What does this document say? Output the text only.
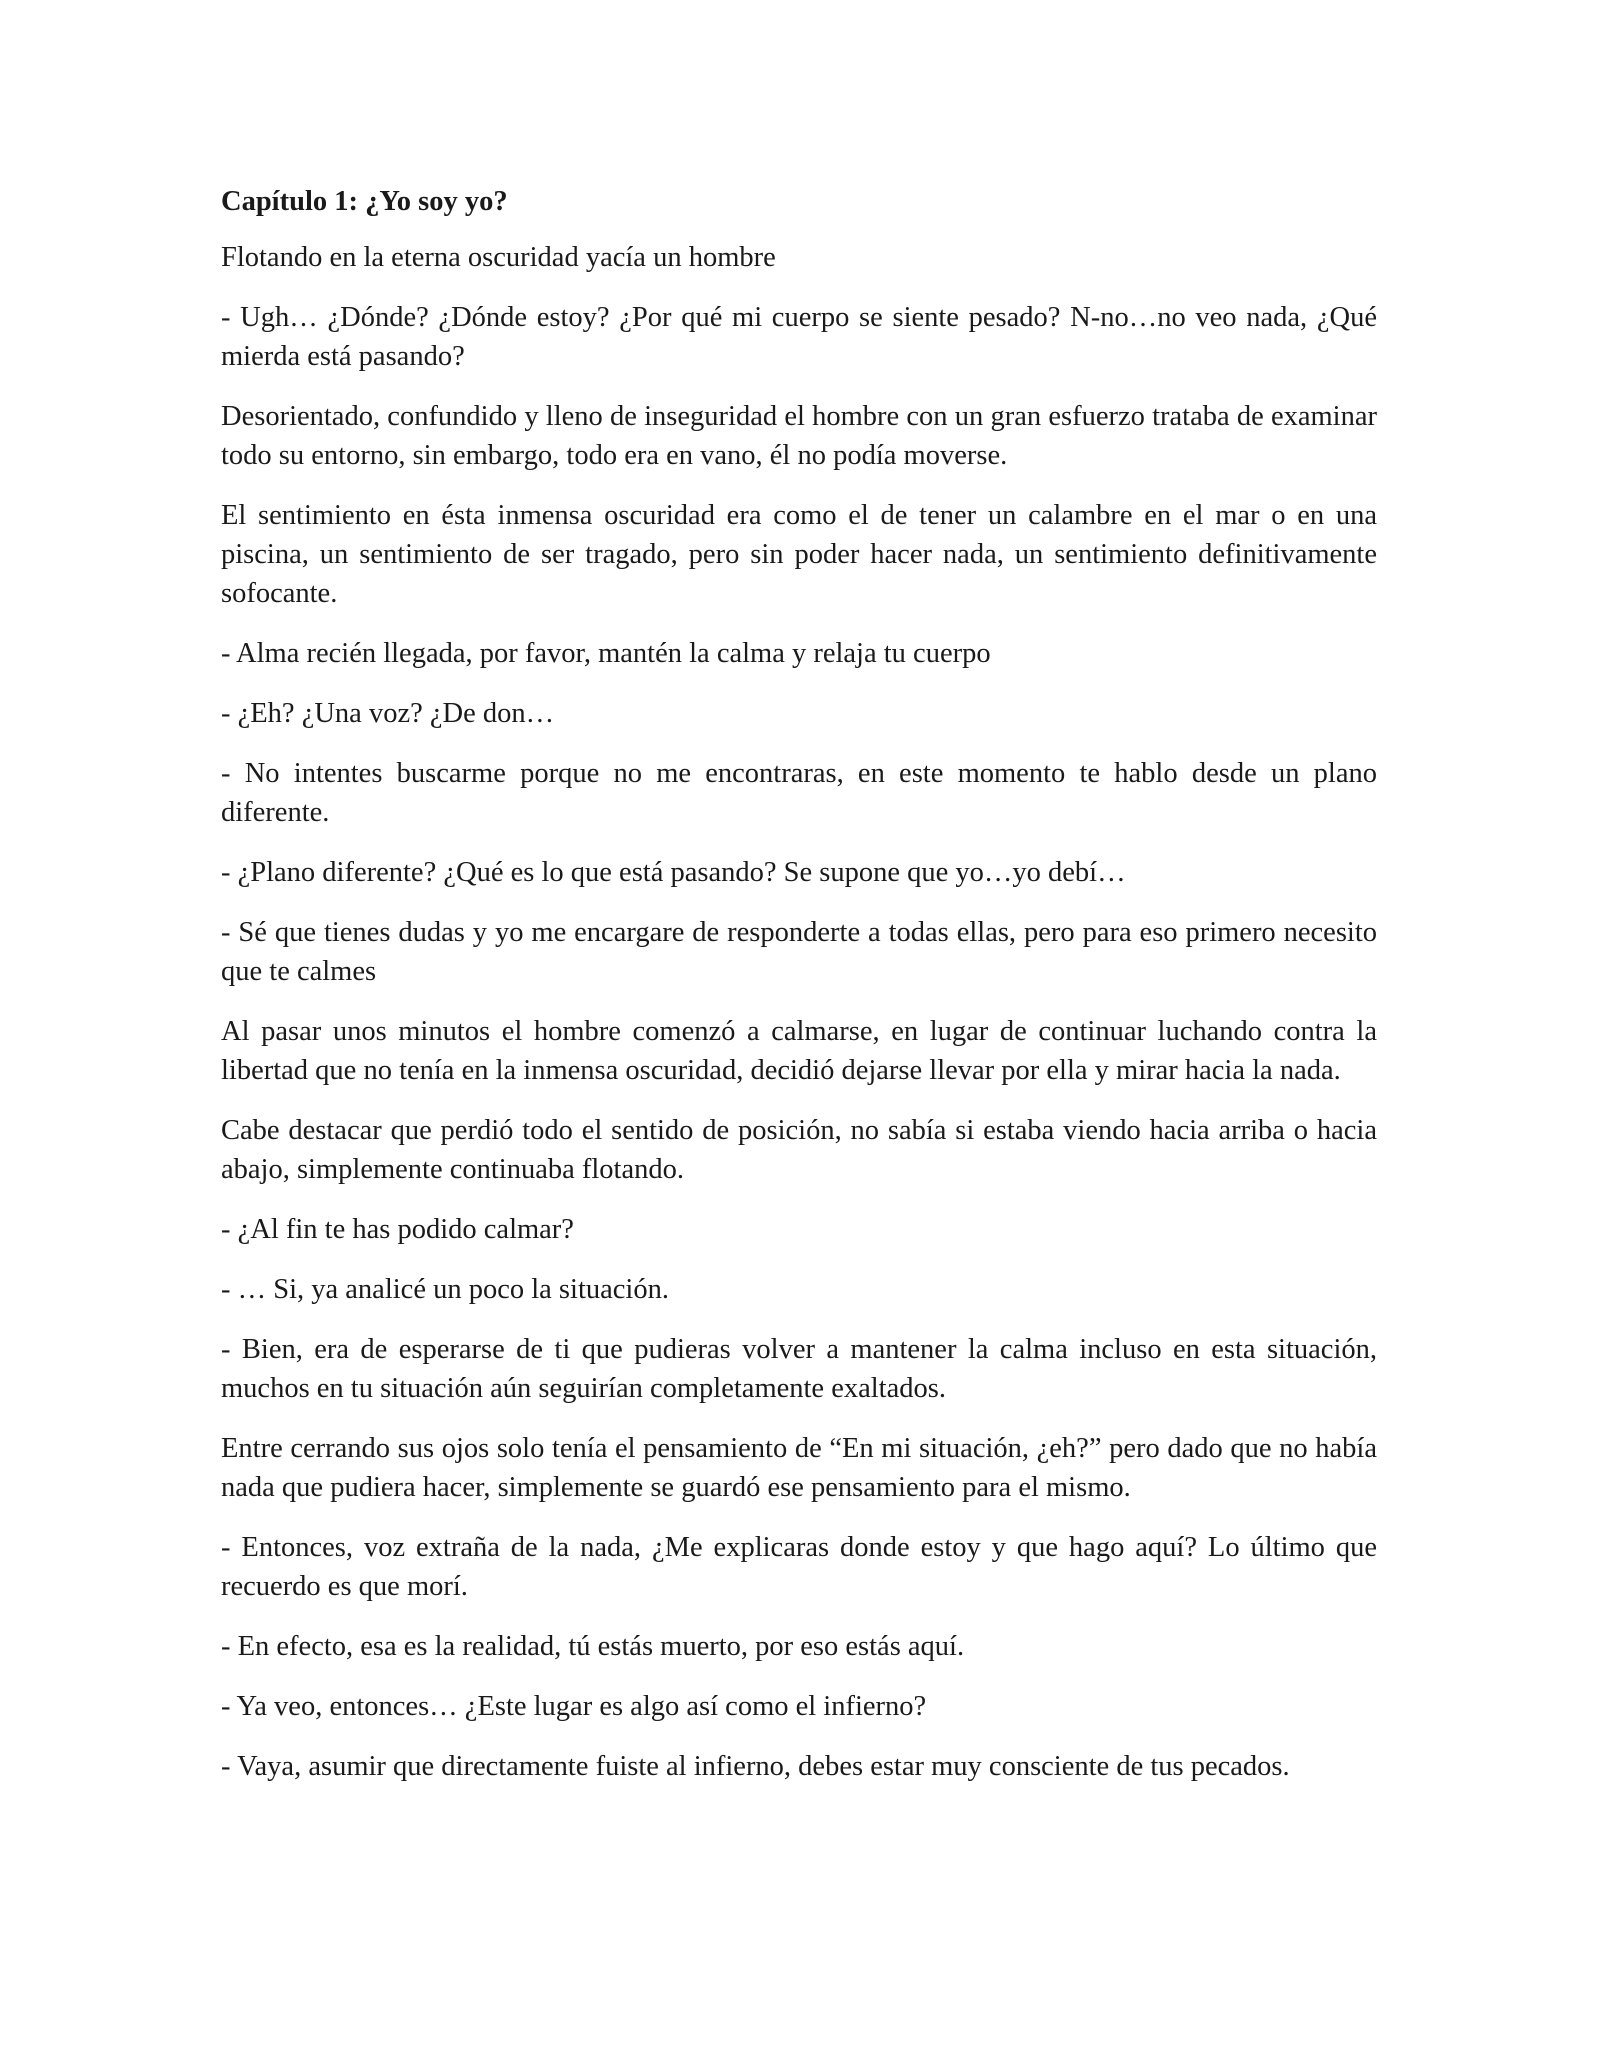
Capítulo 1: ¿Yo soy yo?

Flotando en la eterna oscuridad yacía un hombre

- Ugh… ¿Dónde? ¿Dónde estoy? ¿Por qué mi cuerpo se siente pesado? N-no…no veo nada, ¿Qué mierda está pasando?

Desorientado, confundido y lleno de inseguridad el hombre con un gran esfuerzo trataba de examinar todo su entorno, sin embargo, todo era en vano, él no podía moverse.

El sentimiento en ésta inmensa oscuridad era como el de tener un calambre en el mar o en una piscina, un sentimiento de ser tragado, pero sin poder hacer nada, un sentimiento definitivamente sofocante.

- Alma recién llegada, por favor, mantén la calma y relaja tu cuerpo

- ¿Eh? ¿Una voz? ¿De don…

- No intentes buscarme porque no me encontraras, en este momento te hablo desde un plano diferente.

- ¿Plano diferente? ¿Qué es lo que está pasando? Se supone que yo…yo debí…

- Sé que tienes dudas y yo me encargare de responderte a todas ellas, pero para eso primero necesito que te calmes

Al pasar unos minutos el hombre comenzó a calmarse, en lugar de continuar luchando contra la libertad que no tenía en la inmensa oscuridad, decidió dejarse llevar por ella y mirar hacia la nada.

Cabe destacar que perdió todo el sentido de posición, no sabía si estaba viendo hacia arriba o hacia abajo, simplemente continuaba flotando.

- ¿Al fin te has podido calmar?

- … Si, ya analicé un poco la situación.

- Bien, era de esperarse de ti que pudieras volver a mantener la calma incluso en esta situación, muchos en tu situación aún seguirían completamente exaltados.

Entre cerrando sus ojos solo tenía el pensamiento de “En mi situación, ¿eh?” pero dado que no había nada que pudiera hacer, simplemente se guardó ese pensamiento para el mismo.

- Entonces, voz extraña de la nada, ¿Me explicaras donde estoy y que hago aquí? Lo último que recuerdo es que morí.

- En efecto, esa es la realidad, tú estás muerto, por eso estás aquí.

- Ya veo, entonces… ¿Este lugar es algo así como el infierno?

- Vaya, asumir que directamente fuiste al infierno, debes estar muy consciente de tus pecados.
